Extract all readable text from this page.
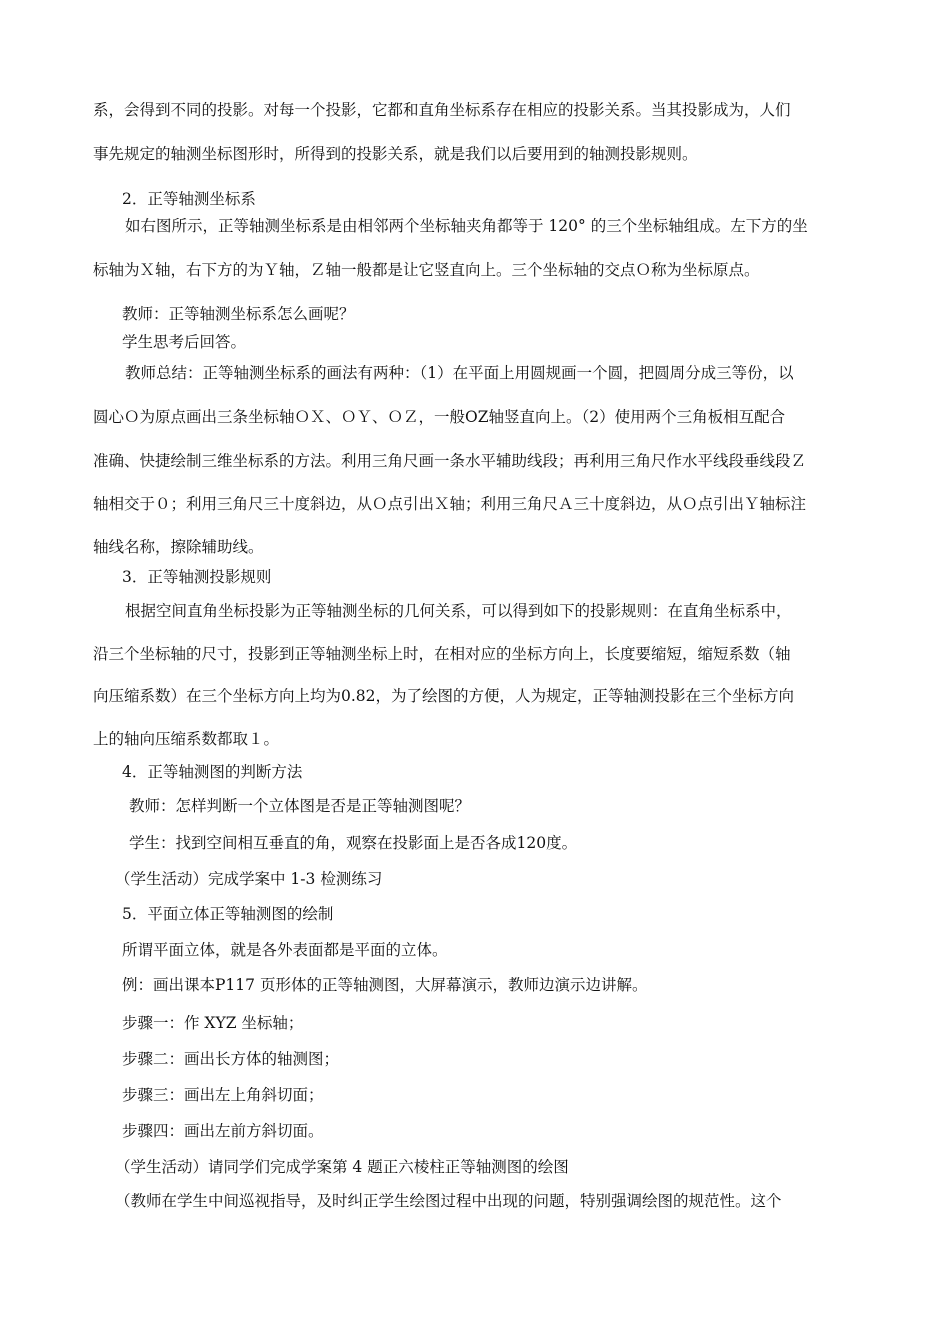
系，会得到不同的投影。对每一个投影，它都和直角坐标系存在相应的投影关系。当其投影成为，人们
事先规定的轴测坐标图形时，所得到的投影关系，就是我们以后要用到的轴测投影规则。
2．正等轴测坐标系
如右图所示，正等轴测坐标系是由相邻两个坐标轴夹角都等于 120° 的三个坐标轴组成。左下方的坐
标轴为Ｘ轴，右下方的为Ｙ轴，Ｚ轴一般都是让它竖直向上。三个坐标轴的交点Ｏ称为坐标原点。
教师：正等轴测坐标系怎么画呢？
学生思考后回答。
教师总结：正等轴测坐标系的画法有两种：（1）在平面上用圆规画一个圆，把圆周分成三等份，以
圆心Ｏ为原点画出三条坐标轴ＯＸ、ＯＹ、ＯＺ，一般OZ轴竖直向上。（2）使用两个三角板相互配合
准确、快捷绘制三维坐标系的方法。利用三角尺画一条水平辅助线段；再利用三角尺作水平线段垂线段Ｚ
轴相交于０；利用三角尺三十度斜边，从Ｏ点引出Ｘ轴；利用三角尺Ａ三十度斜边，从Ｏ点引出Ｙ轴标注
轴线名称，擦除辅助线。
3．正等轴测投影规则
根据空间直角坐标投影为正等轴测坐标的几何关系，可以得到如下的投影规则：在直角坐标系中，
沿三个坐标轴的尺寸，投影到正等轴测坐标上时，在相对应的坐标方向上，长度要缩短，缩短系数（轴
向压缩系数）在三个坐标方向上均为0.82，为了绘图的方便，人为规定，正等轴测投影在三个坐标方向
上的轴向压缩系数都取１。
4．正等轴测图的判断方法
教师：怎样判断一个立体图是否是正等轴测图呢？
学生：找到空间相互垂直的角，观察在投影面上是否各成120度。
（学生活动）完成学案中 1-3 检测练习
5．平面立体正等轴测图的绘制
所谓平面立体，就是各外表面都是平面的立体。
例：画出课本P117 页形体的正等轴测图，大屏幕演示，教师边演示边讲解。
步骤一：作 XYZ 坐标轴；
步骤二：画出长方体的轴测图；
步骤三：画出左上角斜切面；
步骤四：画出左前方斜切面。
（学生活动）请同学们完成学案第 4 题正六棱柱正等轴测图的绘图
（教师在学生中间巡视指导，及时纠正学生绘图过程中出现的问题，特别强调绘图的规范性。这个
